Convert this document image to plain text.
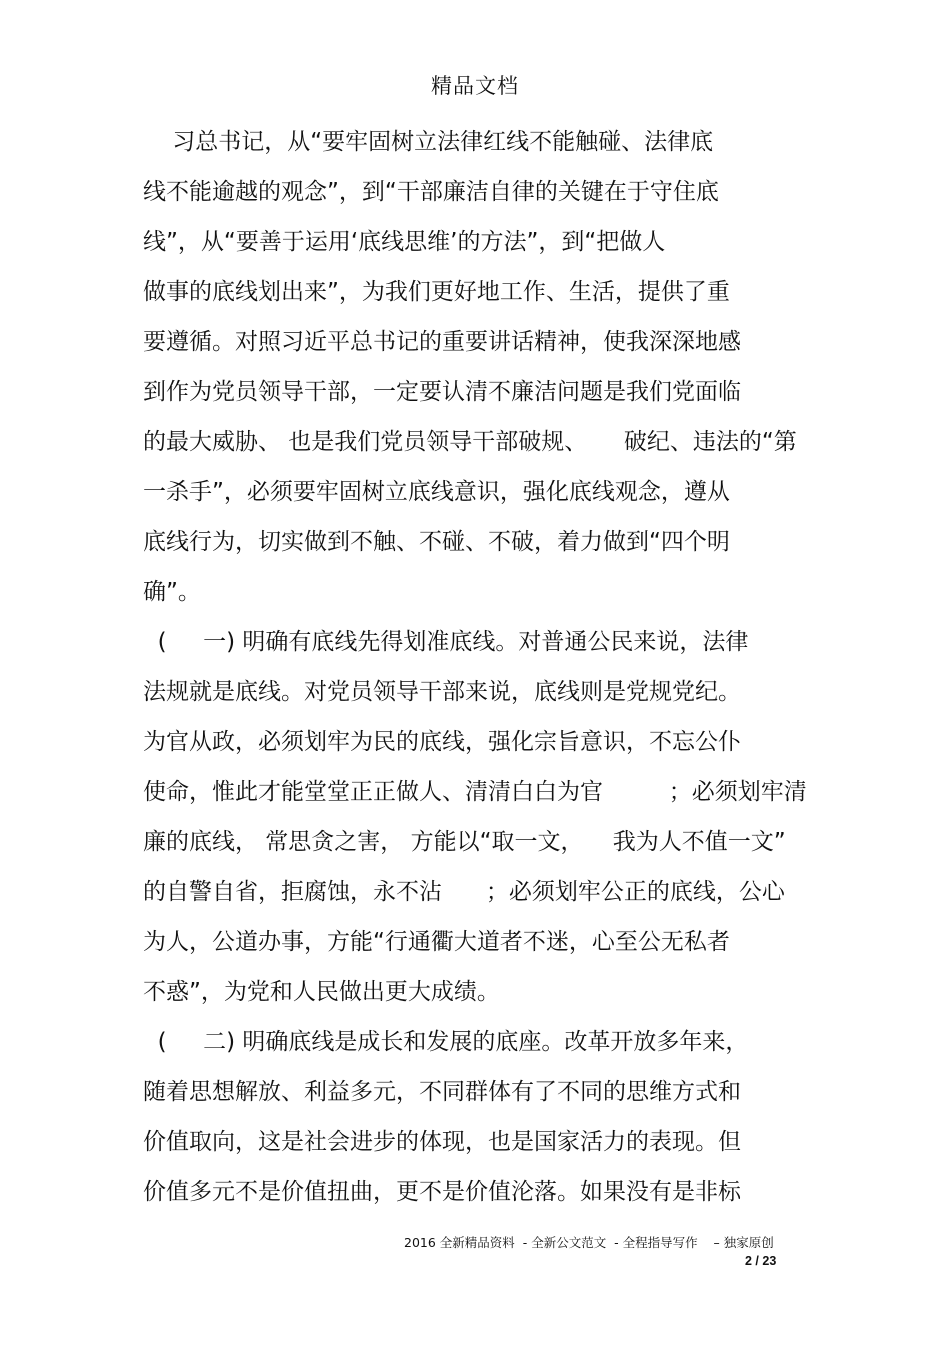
精品文档
习总书记，从“要牢固树立法律红线不能触碰、法律底
线不能逾越的观念”，到“干部廉洁自律的关键在于守住底
线”，从“要善于运用‘底线思维’的方法”，到“把做人
做事的底线划出来”，为我们更好地工作、生活，提供了重
要遵循。对照习近平总书记的重要讲话精神，使我深深地感
到作为党员领导干部，一定要认清不廉洁问题是我们党面临
的最大威胁、 也是我们党员领导干部破规、     破纪、违法的“第
一杀手”，必须要牢固树立底线意识，强化底线观念，遵从
底线行为，切实做到不触、不碰、不破，着力做到“四个明
确”。
(     一) 明确有底线先得划准底线。对普通公民来说，法律
法规就是底线。对党员领导干部来说，底线则是党规党纪。
为官从政，必须划牢为民的底线，强化宗旨意识，不忘公仆
使命，惟此才能堂堂正正做人、清清白白为官         ；必须划牢清
廉的底线， 常思贪之害， 方能以“取一文，    我为人不值一文”
的自警自省，拒腐蚀，永不沾      ；必须划牢公正的底线，公心
为人，公道办事，方能“行通衢大道者不迷，心至公无私者
不惑”，为党和人民做出更大成绩。
(     二) 明确底线是成长和发展的底座。改革开放多年来，
随着思想解放、利益多元，不同群体有了不同的思维方式和
价值取向，这是社会进步的体现，也是国家活力的表现。但
价值多元不是价值扭曲，更不是价值沦落。如果没有是非标
2016 全新精品资料  - 全新公文范文  - 全程指导写作    – 独家原创
2 / 23
